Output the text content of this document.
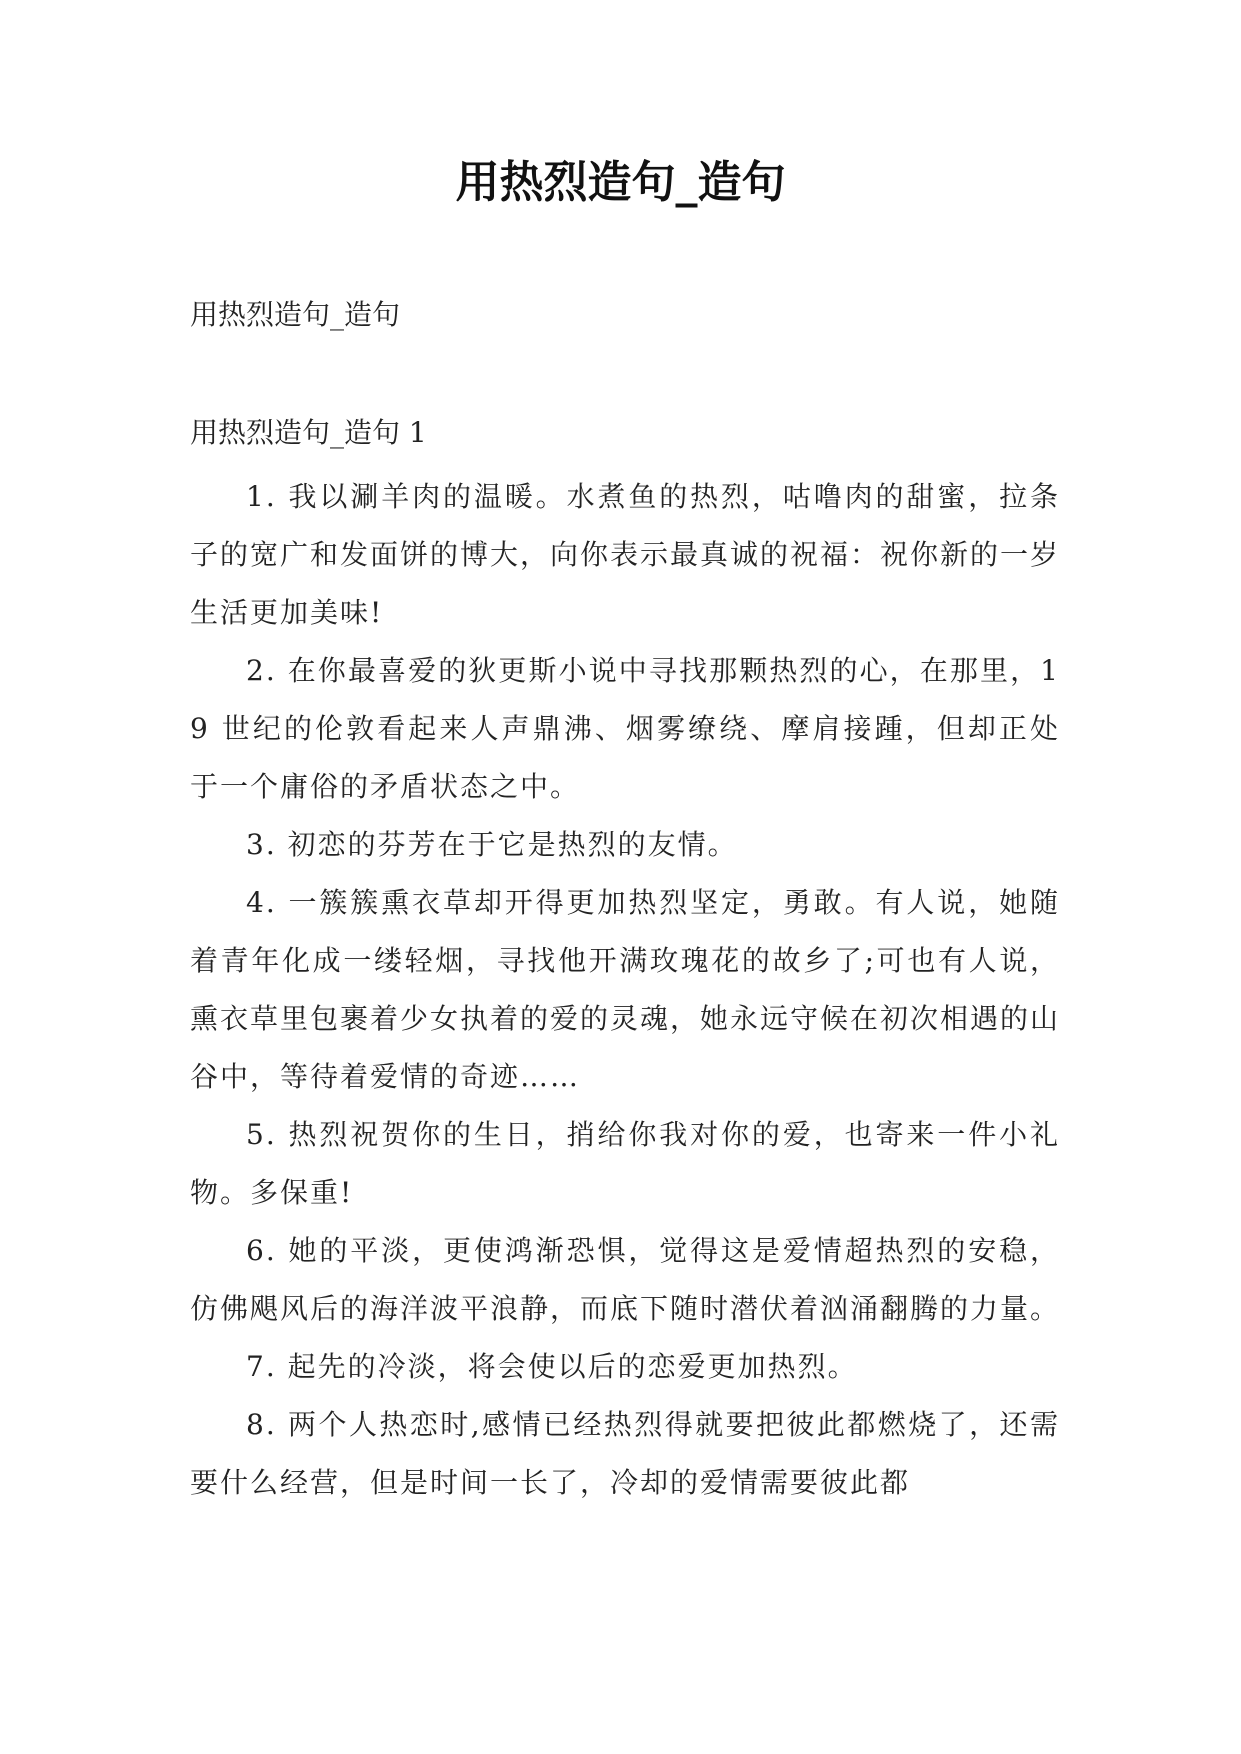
用热烈造句_造句

用热烈造句_造句

用热烈造句_造句 1

1. 我以涮羊肉的温暖。水煮鱼的热烈，咕噜肉的甜蜜，拉条子的宽广和发面饼的博大，向你表示最真诚的祝福：祝你新的一岁生活更加美味!

2. 在你最喜爱的狄更斯小说中寻找那颗热烈的心，在那里，19 世纪的伦敦看起来人声鼎沸、烟雾缭绕、摩肩接踵，但却正处于一个庸俗的矛盾状态之中。

3. 初恋的芬芳在于它是热烈的友情。

4. 一簇簇熏衣草却开得更加热烈坚定，勇敢。有人说，她随着青年化成一缕轻烟，寻找他开满玫瑰花的故乡了;可也有人说，熏衣草里包裹着少女执着的爱的灵魂，她永远守候在初次相遇的山谷中，等待着爱情的奇迹……

5. 热烈祝贺你的生日，捎给你我对你的爱，也寄来一件小礼物。多保重!

6. 她的平淡，更使鸿渐恐惧，觉得这是爱情超热烈的安稳，仿佛飓风后的海洋波平浪静，而底下随时潜伏着汹涌翻腾的力量。

7. 起先的冷淡，将会使以后的恋爱更加热烈。

8. 两个人热恋时,感情已经热烈得就要把彼此都燃烧了，还需要什么经营，但是时间一长了，冷却的爱情需要彼此都
